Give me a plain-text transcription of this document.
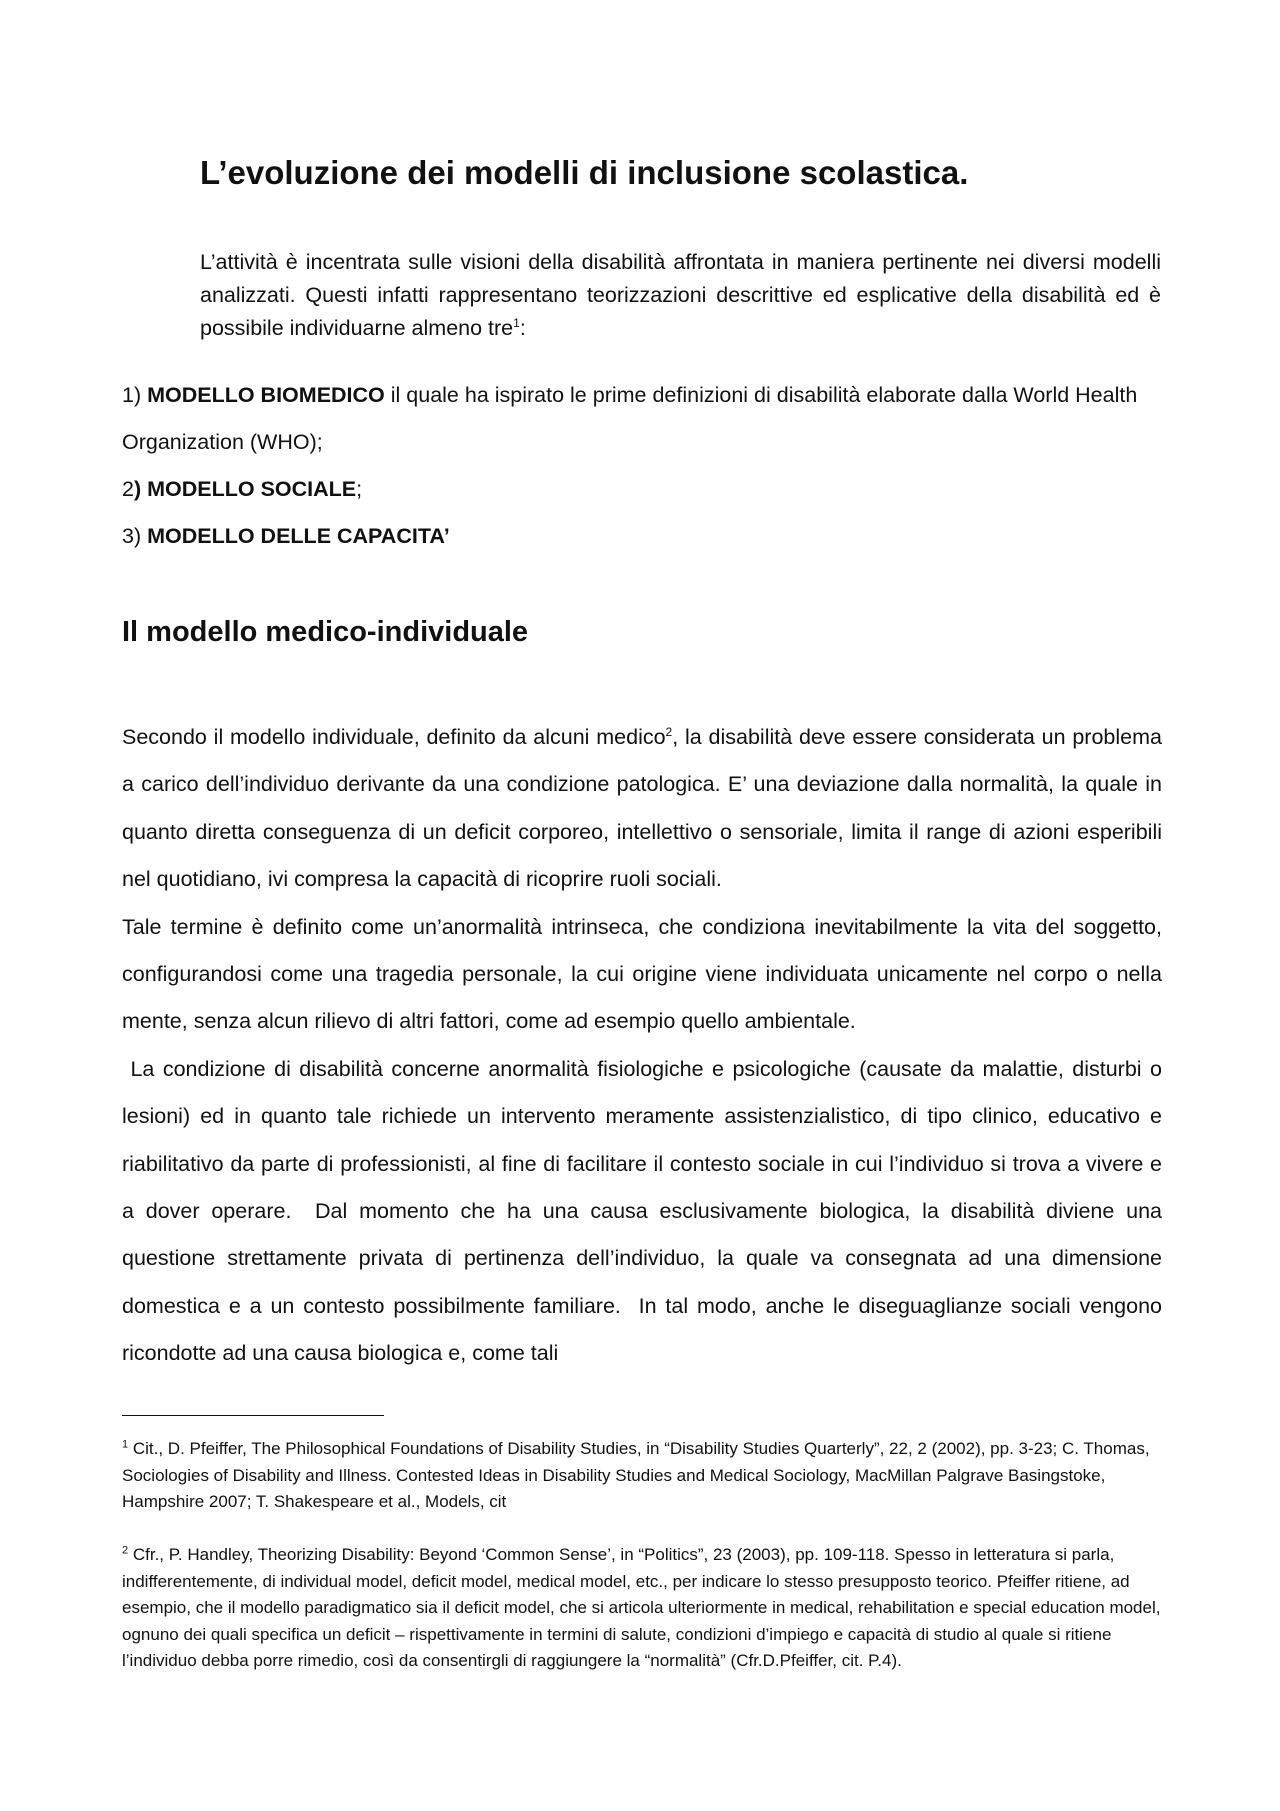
L’evoluzione dei modelli di inclusione scolastica.

L’attività è incentrata sulle visioni della disabilità affrontata in maniera pertinente nei diversi modelli analizzati. Questi infatti rappresentano teorizzazioni descrittive ed esplicative della disabilità ed è possibile individuarne almeno tre$^1$:

1) MODELLO BIOMEDICO il quale ha ispirato le prime definizioni di disabilità elaborate dalla World Health Organization (WHO);
2) MODELLO SOCIALE;
3) MODELLO DELLE CAPACITA’
Il modello medico-individuale

Secondo il modello individuale, definito da alcuni medico$^2$, la disabilità deve essere considerata un problema a carico dell’individuo derivante da una condizione patologica. E’ una deviazione dalla normalità, la quale in quanto diretta conseguenza di un deficit corporeo, intellettivo o sensoriale, limita il range di azioni esperibili nel quotidiano, ivi compresa la capacità di ricoprire ruoli sociali.

Tale termine è definito come un’anormalità intrinseca, che condiziona inevitabilmente la vita del soggetto, configurandosi come una tragedia personale, la cui origine viene individuata unicamente nel corpo o nella mente, senza alcun rilievo di altri fattori, come ad esempio quello ambientale.

La condizione di disabilità concerne anormalità fisiologiche e psicologiche (causate da malattie, disturbi o lesioni) ed in quanto tale richiede un intervento meramente assistenzialistico, di tipo clinico, educativo e riabilitativo da parte di professionisti, al fine di facilitare il contesto sociale in cui l’individuo si trova a vivere e a dover operare.  Dal momento che ha una causa esclusivamente biologica, la disabilità diviene una questione strettamente privata di pertinenza dell’individuo, la quale va consegnata ad una dimensione domestica e a un contesto possibilmente familiare.  In tal modo, anche le diseguaglianze sociali vengono ricondotte ad una causa biologica e, come tali

$^1$ Cit., D. Pfeiffer, The Philosophical Foundations of Disability Studies, in “Disability Studies Quarterly”, 22, 2 (2002), pp. 3-23; C. Thomas, Sociologies of Disability and Illness. Contested Ideas in Disability Studies and Medical Sociology, MacMillan Palgrave Basingstoke, Hampshire 2007; T. Shakespeare et al., Models, cit

$^2$ Cfr., P. Handley, Theorizing Disability: Beyond ‘Common Sense’, in “Politics”, 23 (2003), pp. 109-118. Spesso in letteratura si parla, indifferentemente, di individual model, deficit model, medical model, etc., per indicare lo stesso presupposto teorico. Pfeiffer ritiene, ad esempio, che il modello paradigmatico sia il deficit model, che si articola ulteriormente in medical, rehabilitation e special education model, ognuno dei quali specifica un deficit – rispettivamente in termini di salute, condizioni d’impiego e capacità di studio al quale si ritiene l’individuo debba porre rimedio, così da consentirgli di raggiungere la “normalità” (Cfr.D.Pfeiffer, cit. P.4).
